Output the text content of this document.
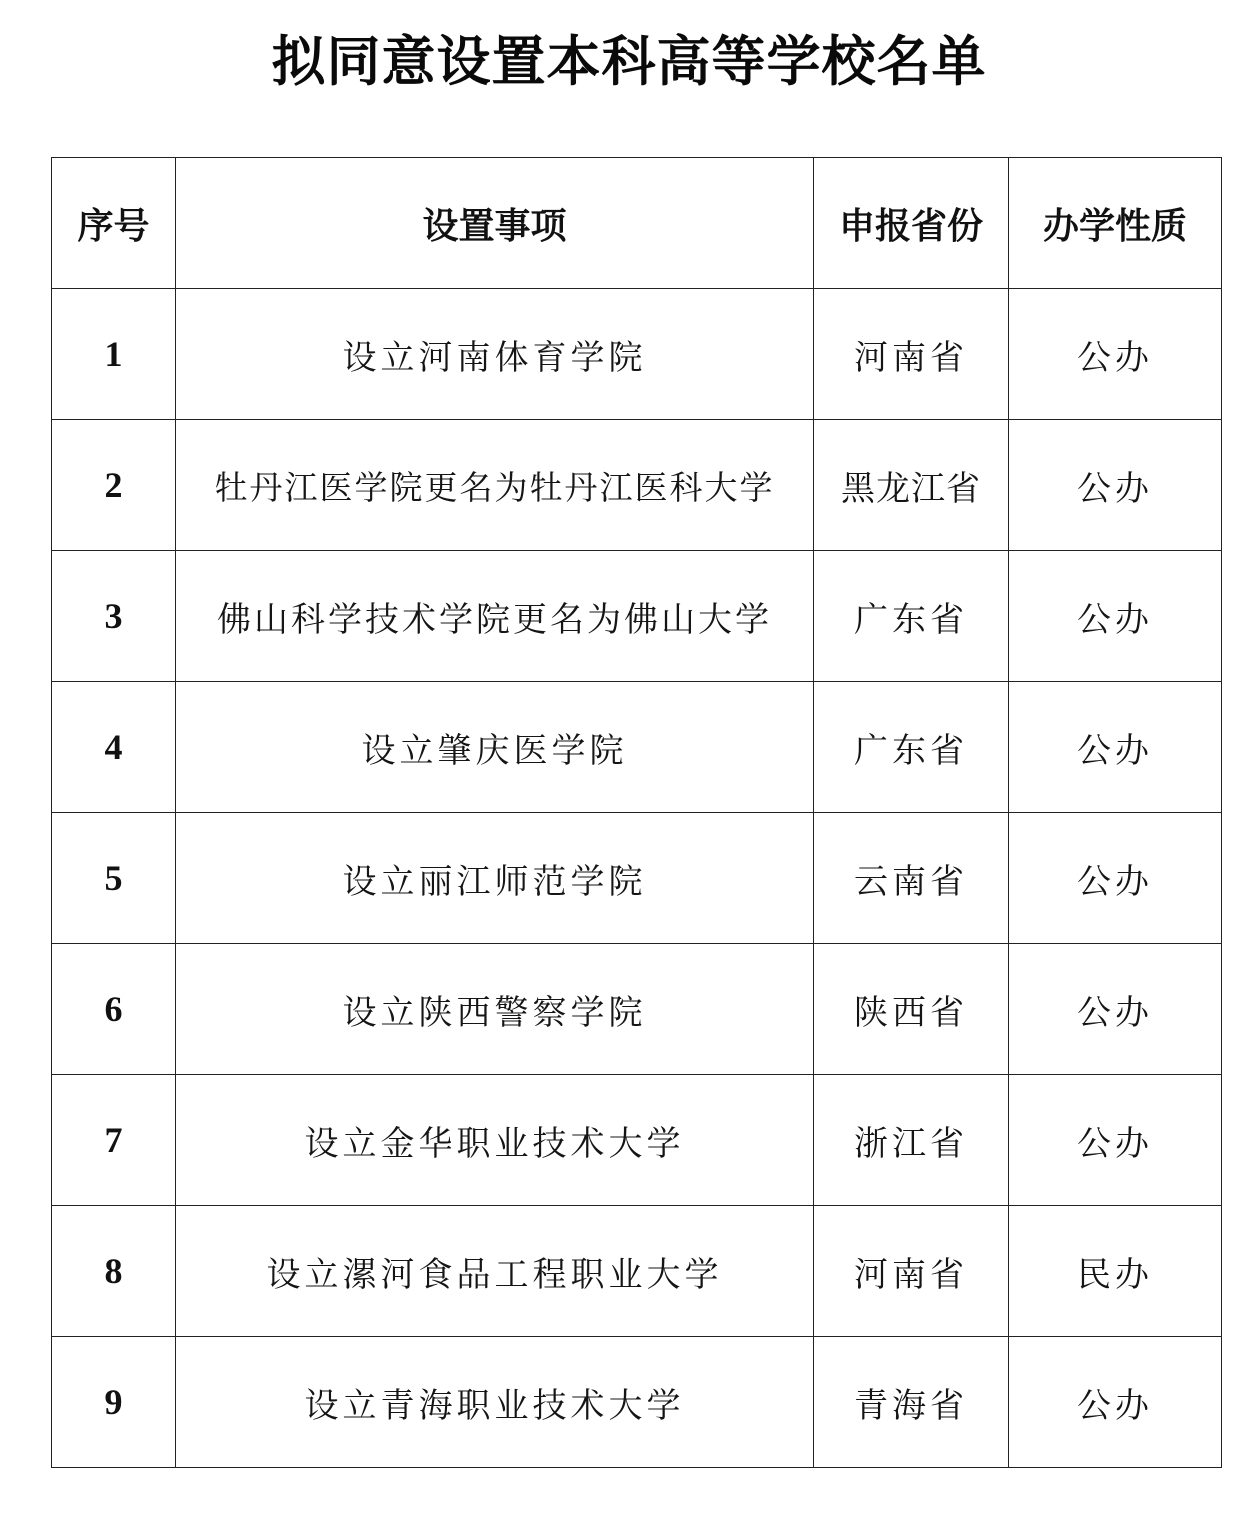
拟同意设置本科高等学校名单
序号	设置事项	申报省份	办学性质
1	设立河南体育学院	河南省	公办
2	牡丹江医学院更名为牡丹江医科大学	黑龙江省	公办
3	佛山科学技术学院更名为佛山大学	广东省	公办
4	设立肇庆医学院	广东省	公办
5	设立丽江师范学院	云南省	公办
6	设立陕西警察学院	陕西省	公办
7	设立金华职业技术大学	浙江省	公办
8	设立漯河食品工程职业大学	河南省	民办
9	设立青海职业技术大学	青海省	公办
